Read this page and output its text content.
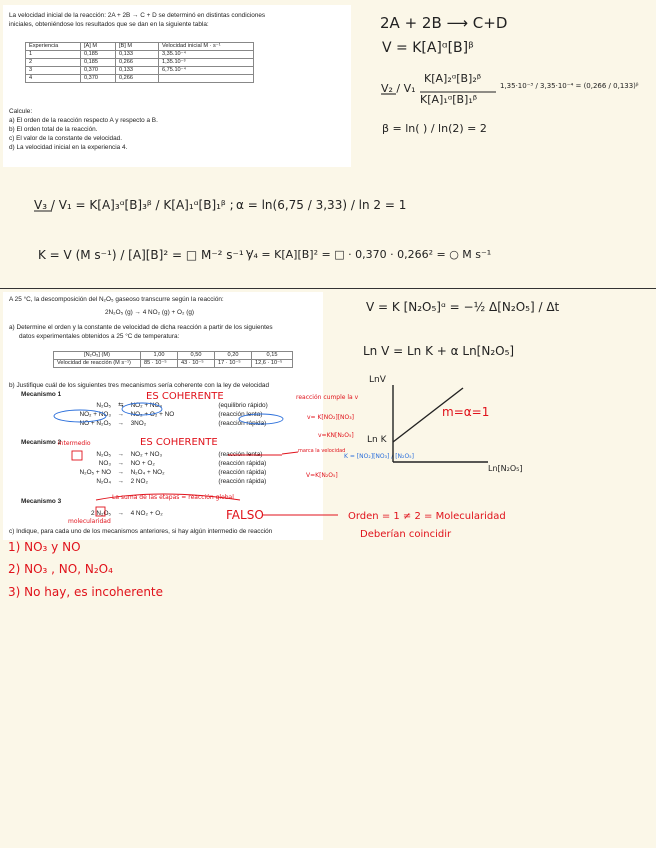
La velocidad inicial de la reacción: 2A + 2B → C + D se determinó en distintas condiciones
iniciales, obteniéndose los resultados que se dan en la siguiente tabla:
Experiencia	[A] M	[B] M	Velocidad inicial M · s⁻¹
1	0,185	0,133	3,35.10⁻⁴
2	0,185	0,266	1,35.10⁻³
3	0,370	0,133	6,75.10⁻⁴
4	0,370	0,266	
Calcule:
a) El orden de la reacción respecto A y respecto a B.
b) El orden total de la reacción.
c) El valor de la constante de velocidad.
d) La velocidad inicial en la experiencia 4.
2A + 2B ⟶ C+D
V = K[A]ᵅ[B]ᵝ
V₂ / V₁
K[A]₂ᵅ[B]₂ᵝ
K[A]₁ᵅ[B]₁ᵝ
1,35·10⁻³ / 3,35·10⁻⁴ = (0,266 / 0,133)ᵝ
β = ln( ) / ln(2) = 2
V₃ / V₁ = K[A]₃ᵅ[B]₃ᵝ / K[A]₁ᵅ[B]₁ᵝ ; α = ln(6,75 / 3,33) / ln 2 = 1
K = V (M s⁻¹) / [A][B]² = □ M⁻² s⁻¹ ;
V₄ = K[A][B]² = □ · 0,370 · 0,266² = ○ M s⁻¹
A 25 °C, la descomposición del N₂O₅ gaseoso transcurre según la reacción:
2N₂O₅ (g) → 4 NO₂ (g) + O₂ (g)
a) Determine el orden y la constante de velocidad de dicha reacción a partir de los siguientes
datos experimentales obtenidos a 25 °C de temperatura:
[N₂O₅] (M)	1,00	0,50	0,20	0,15
Velocidad de reacción (M s⁻¹)	85 · 10⁻⁵	43 · 10⁻⁵	17 · 10⁻⁵	12,6 · 10⁻⁵
b) Justifique cuál de los siguientes tres mecanismos sería coherente con la ley de velocidad
Mecanismo 1
N₂O₅ ⇆ NO₂ + NO₃	(equilibrio rápido)
NO₂ + NO₃ → NO₂ + O₂ + NO	(reacción lenta)
NO + N₂O₅ → 3NO₂	(reacción rápida)
Mecanismo 2
N₂O₅ → NO₂ + NO₃	(reacción lenta)
NO₃ → NO + O₂	(reacción rápida)
N₂O₅ + NO → N₂O₄ + NO₂	(reacción rápida)
N₂O₄ → 2 NO₂	(reacción rápida)
Mecanismo 3
2 N₂O₅ → 4 NO₂ + O₂
c) Indique, para cada uno de los mecanismos anteriores, si hay algún intermedio de reacción
V = K [N₂O₅]ᵅ = −½ Δ[N₂O₅] / Δt
Ln V = Ln K + α Ln[N₂O₅]
LnV
Ln K
Ln[N₂O₅]
m=α=1
ES COHERENTE	reacción cumple la v
v= K[NO₂][NO₃]
v=KN[N₂O₅]
K = [NO₂][NO₃] / [N₂O₅]
V=K[N₂O₅]
ES COHERENTE
intermedio
marca la velocidad
La suma de las etapas = reacción global
molecularidad	FALSO	Orden = 1 ≠ 2 = Molecularidad
Deberían coincidir
1) NO₃ y NO
2) NO₃ , NO, N₂O₄
3) No hay, es incoherente
